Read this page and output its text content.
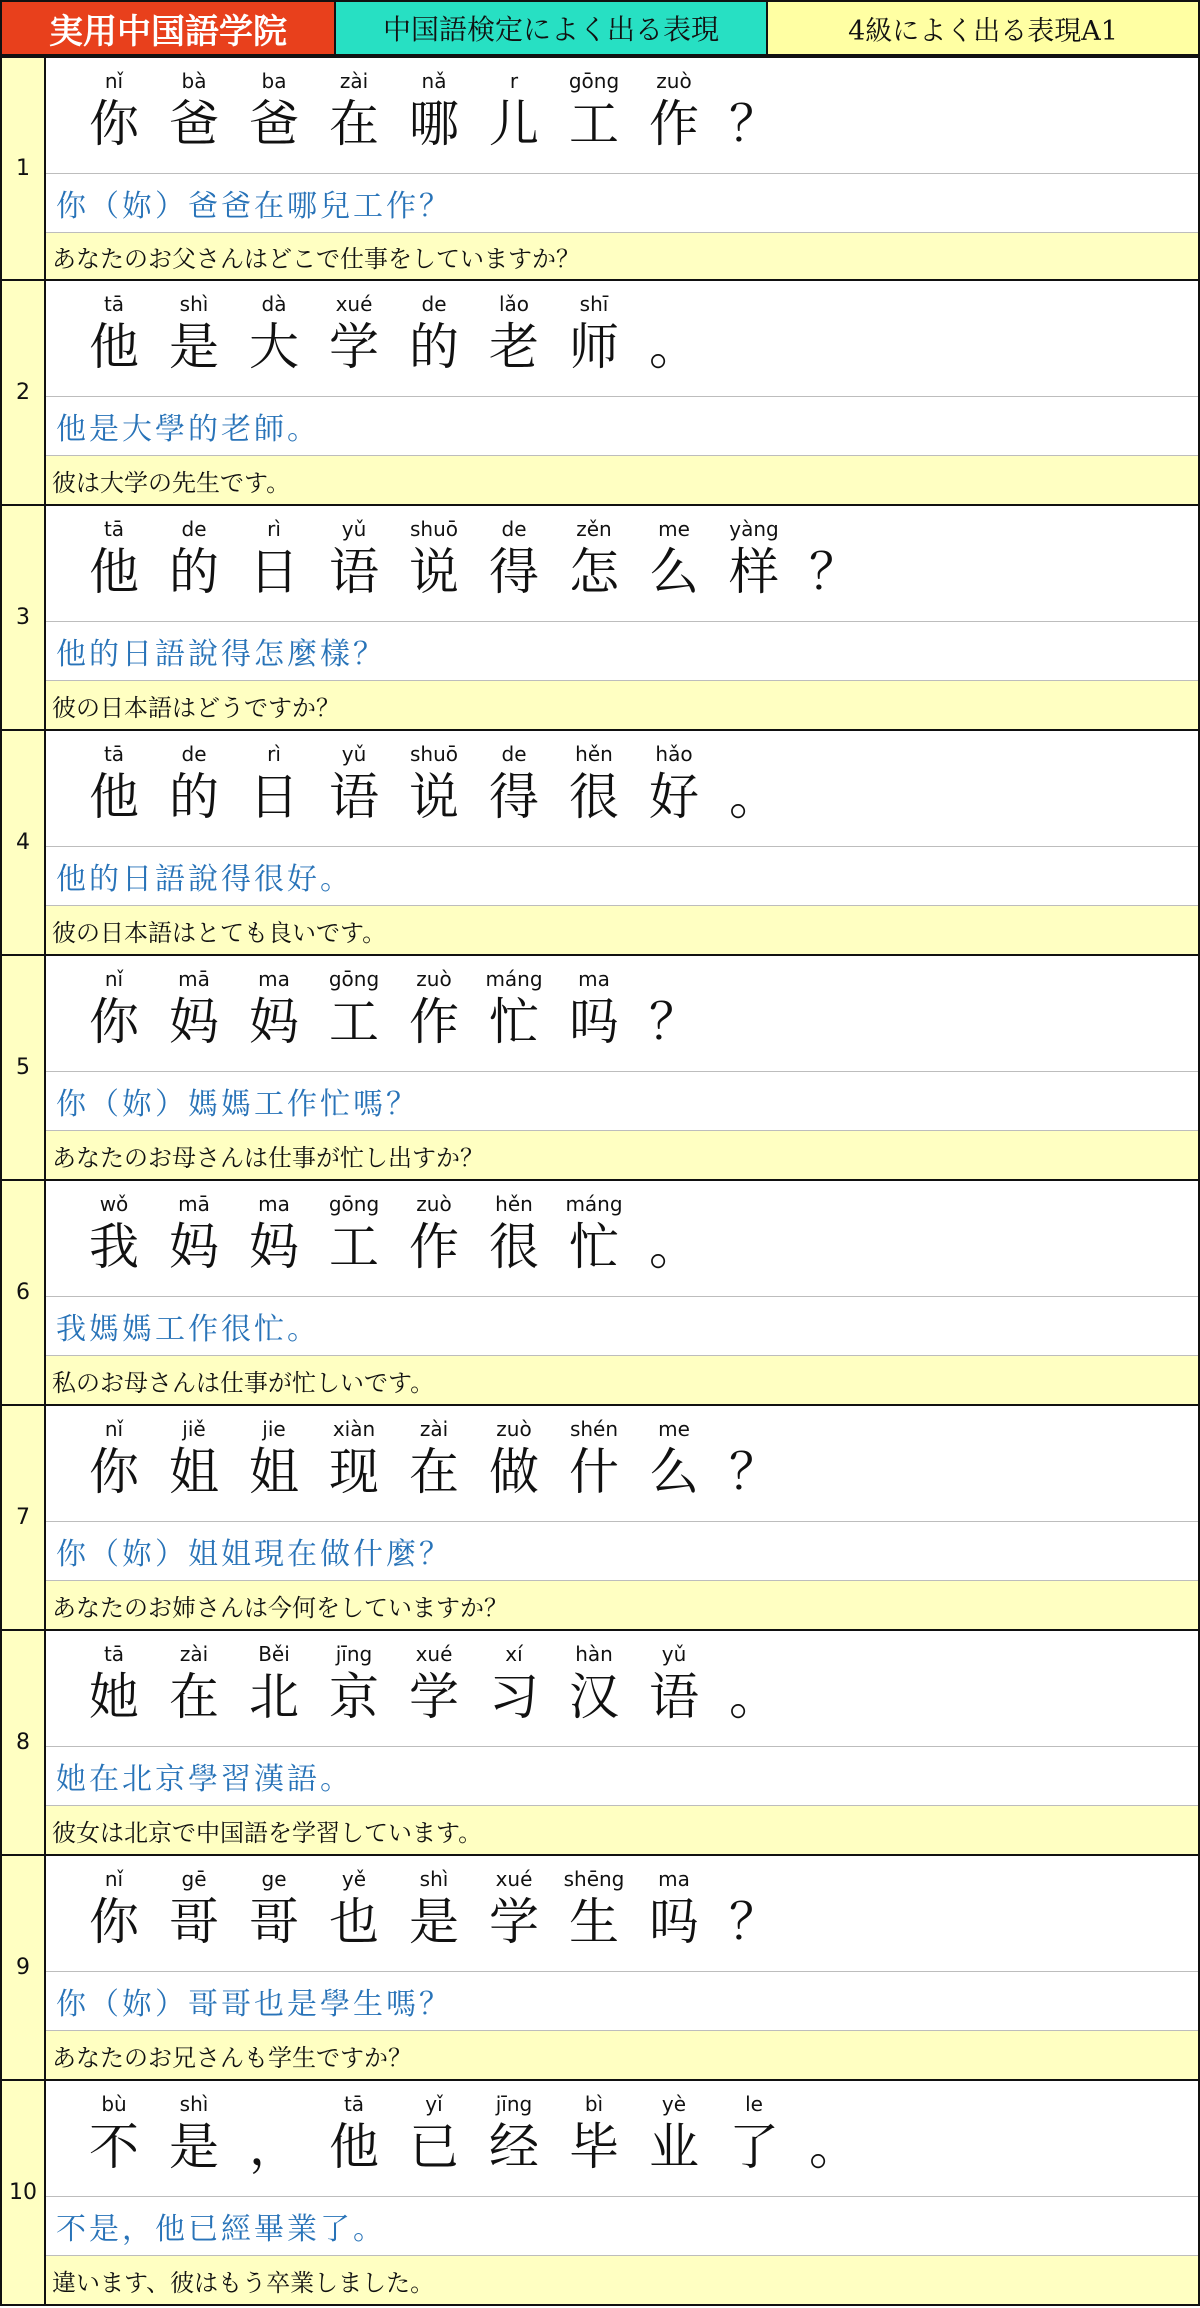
実用中国語学院	中国語検定によく出る表現	4級によく出る表現A1
1
nǐ
你
bà
爸
ba
爸
zài
在
nǎ
哪
r
儿
gōng
工
zuò
作 ？
你（妳）爸爸在哪兒工作？
あなたのお父さんはどこで仕事をしていますか？
2
tā
他
shì
是
dà
大
xué
学
de
的
lǎo
老
shī
师 。
他是大學的老師。
彼は大学の先生です。
3
tā
他
de
的
rì
日
yǔ
语
shuō
说
de
得
zěn
怎
me
么
yàng
样 ？
他的日語說得怎麼樣？
彼の日本語はどうですか？
4
tā
他
de
的
rì
日
yǔ
语
shuō
说
de
得
hěn
很
hǎo
好 。
他的日語說得很好。
彼の日本語はとても良いです。
5
nǐ
你
mā
妈
ma
妈
gōng
工
zuò
作
máng
忙
ma
吗 ？
你（妳）媽媽工作忙嗎？
あなたのお母さんは仕事が忙し出すか？
6
wǒ
我
mā
妈
ma
妈
gōng
工
zuò
作
hěn
很
máng
忙 。
我媽媽工作很忙。
私のお母さんは仕事が忙しいです。
7
nǐ
你
jiě
姐
jie
姐
xiàn
现
zài
在
zuò
做
shén
什
me
么 ？
你（妳）姐姐現在做什麼？
あなたのお姉さんは今何をしていますか？
8
tā
她
zài
在
Běi
北
jīng
京
xué
学
xí
习
hàn
汉
yǔ
语 。
她在北京學習漢語。
彼女は北京で中国語を学習しています。
9
nǐ
你
gē
哥
ge
哥
yě
也
shì
是
xué
学
shēng
生
ma
吗 ？
你（妳）哥哥也是學生嗎？
あなたのお兄さんも学生ですか？
10
bù
不
shì
是 ，
tā
他
yǐ
已
jīng
经
bì
毕
yè
业
le
了 。
不是，他已經畢業了。
違います、彼はもう卒業しました。
